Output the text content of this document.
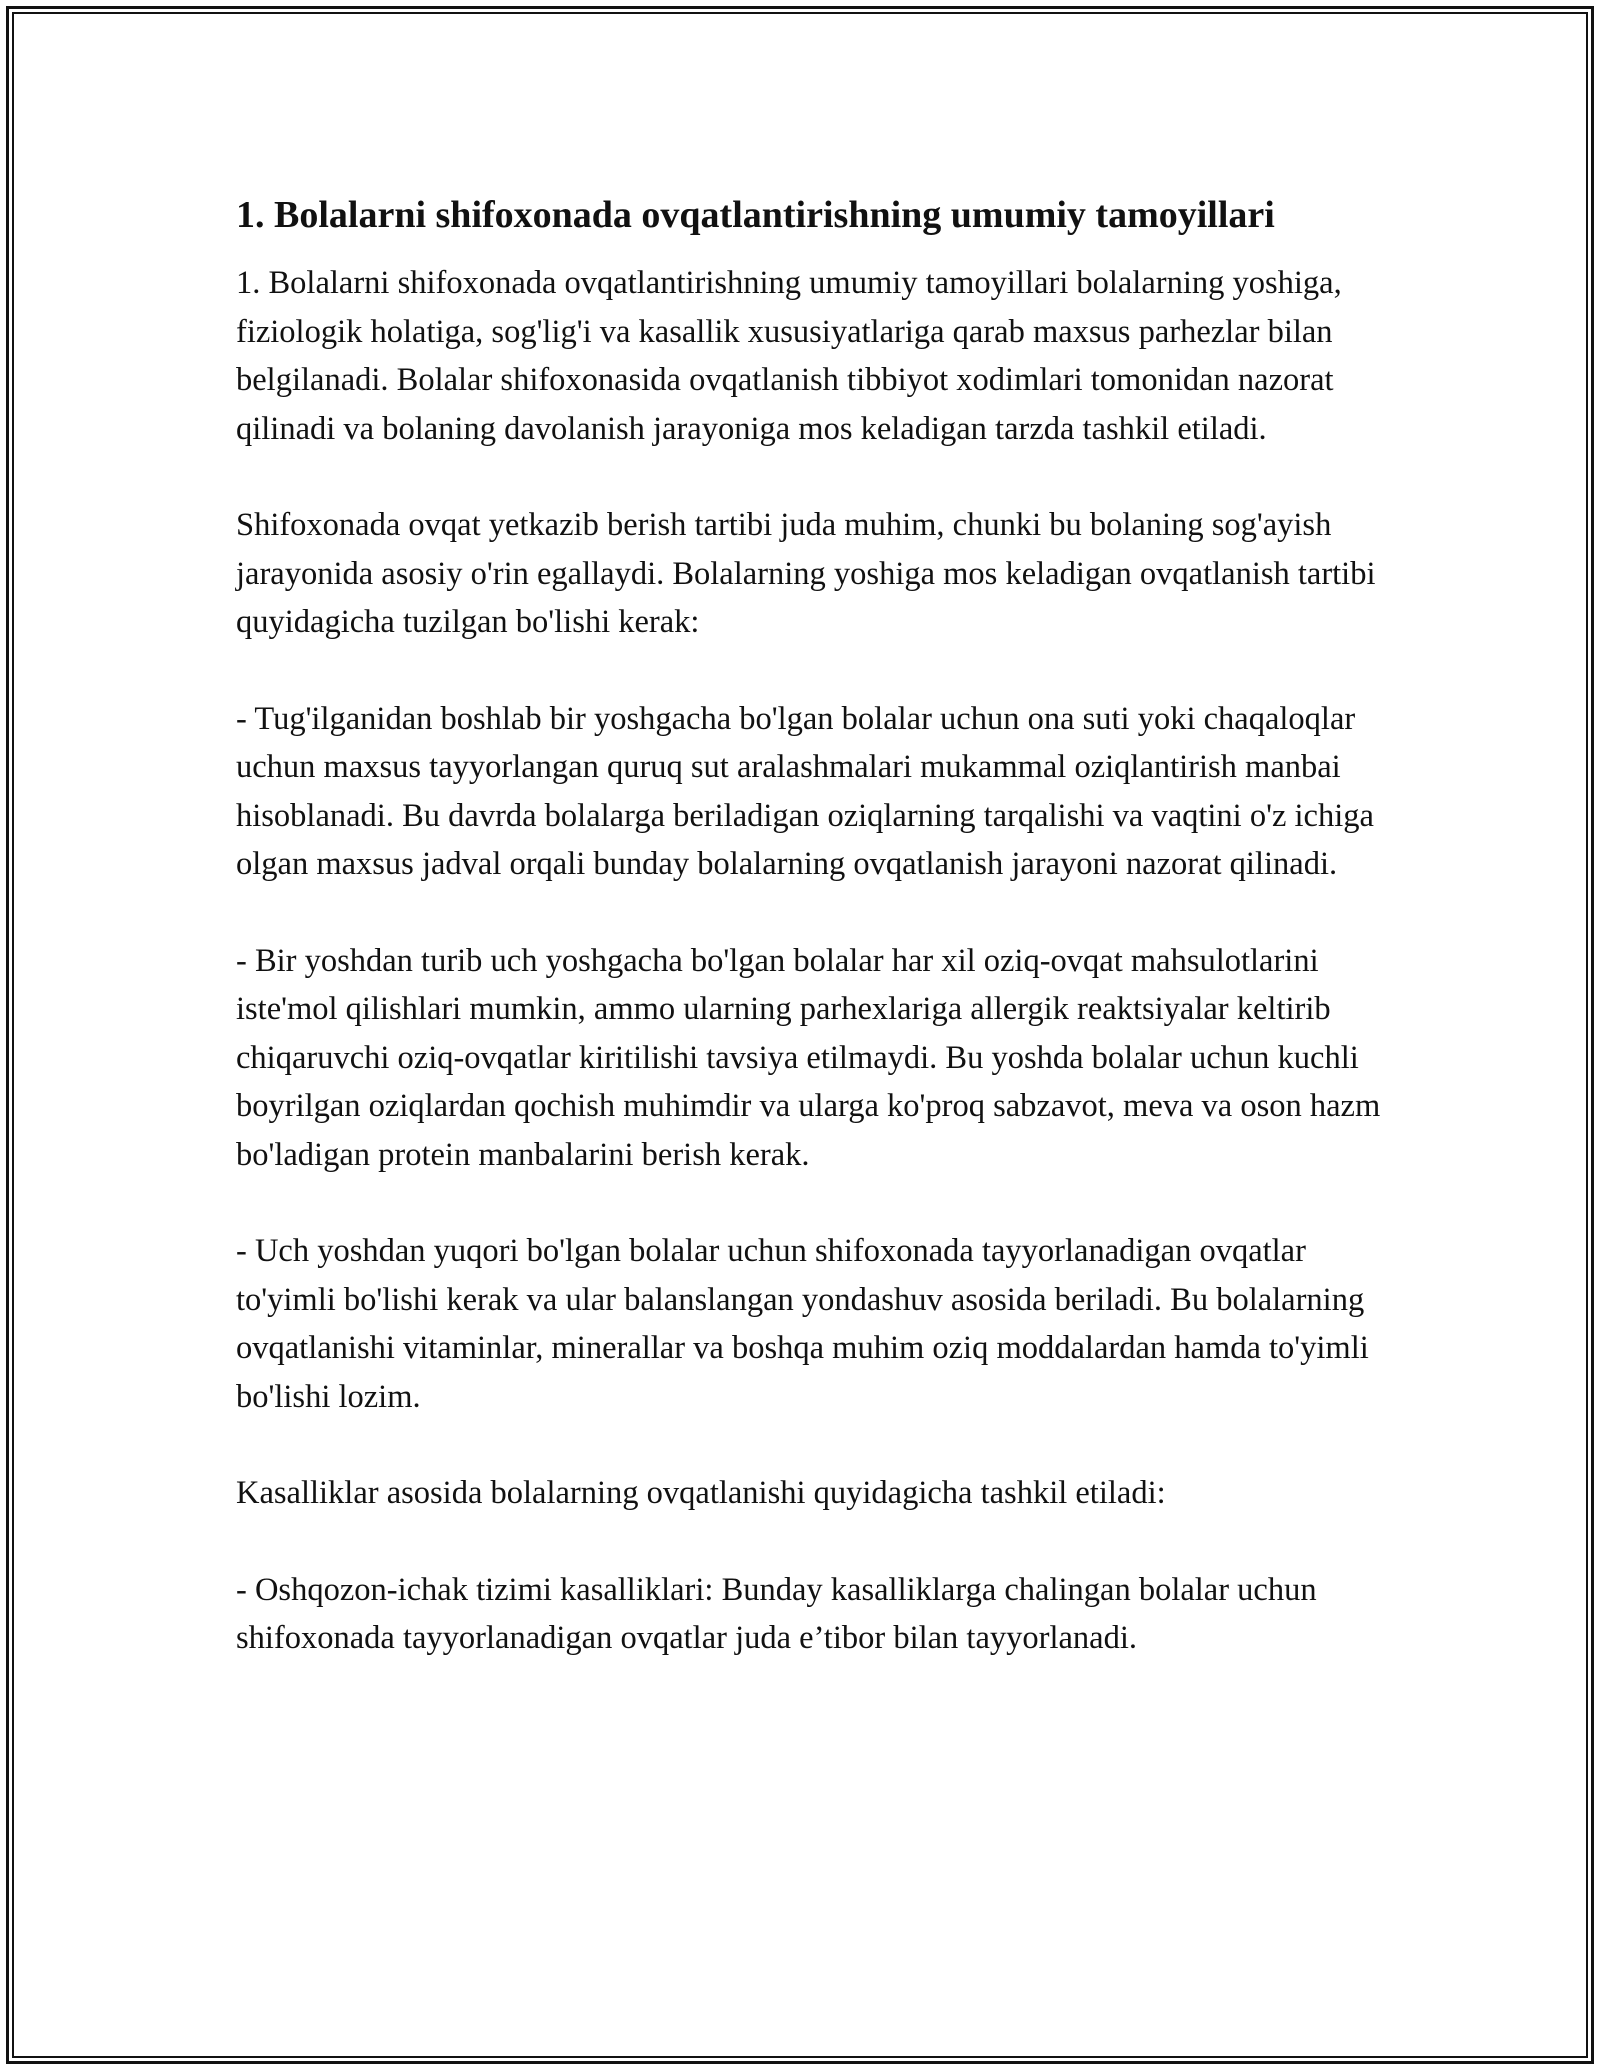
1. Bolalarni shifoxonada ovqatlantirishning umumiy tamoyillari

1. Bolalarni shifoxonada ovqatlantirishning umumiy tamoyillari bolalarning yoshiga, fiziologik holatiga, sog'lig'i va kasallik xususiyatlariga qarab maxsus parhezlar bilan belgilanadi. Bolalar shifoxonasida ovqatlanish tibbiyot xodimlari tomonidan nazorat qilinadi va bolaning davolanish jarayoniga mos keladigan tarzda tashkil etiladi.

Shifoxonada ovqat yetkazib berish tartibi juda muhim, chunki bu bolaning sog'ayish jarayonida asosiy o'rin egallaydi. Bolalarning yoshiga mos keladigan ovqatlanish tartibi quyidagicha tuzilgan bo'lishi kerak:

- Tug'ilganidan boshlab bir yoshgacha bo'lgan bolalar uchun ona suti yoki chaqaloqlar uchun maxsus tayyorlangan quruq sut aralashmalari mukammal oziqlantirish manbai hisoblanadi. Bu davrda bolalarga beriladigan oziqlarning tarqalishi va vaqtini o'z ichiga olgan maxsus jadval orqali bunday bolalarning ovqatlanish jarayoni nazorat qilinadi.

- Bir yoshdan turib uch yoshgacha bo'lgan bolalar har xil oziq-ovqat mahsulotlarini iste'mol qilishlari mumkin, ammo ularning parhexlariga allergik reaktsiyalar keltirib chiqaruvchi oziq-ovqatlar kiritilishi tavsiya etilmaydi. Bu yoshda bolalar uchun kuchli boyrilgan oziqlardan qochish muhimdir va ularga ko'proq sabzavot, meva va oson hazm bo'ladigan protein manbalarini berish kerak.

- Uch yoshdan yuqori bo'lgan bolalar uchun shifoxonada tayyorlanadigan ovqatlar to'yimli bo'lishi kerak va ular balanslangan yondashuv asosida beriladi. Bu bolalarning ovqatlanishi vitaminlar, minerallar va boshqa muhim oziq moddalardan hamda to'yimli bo'lishi lozim.

Kasalliklar asosida bolalarning ovqatlanishi quyidagicha tashkil etiladi:

- Oshqozon-ichak tizimi kasalliklari: Bunday kasalliklarga chalingan bolalar uchun shifoxonada tayyorlanadigan ovqatlar juda e’tibor bilan tayyorlanadi.
